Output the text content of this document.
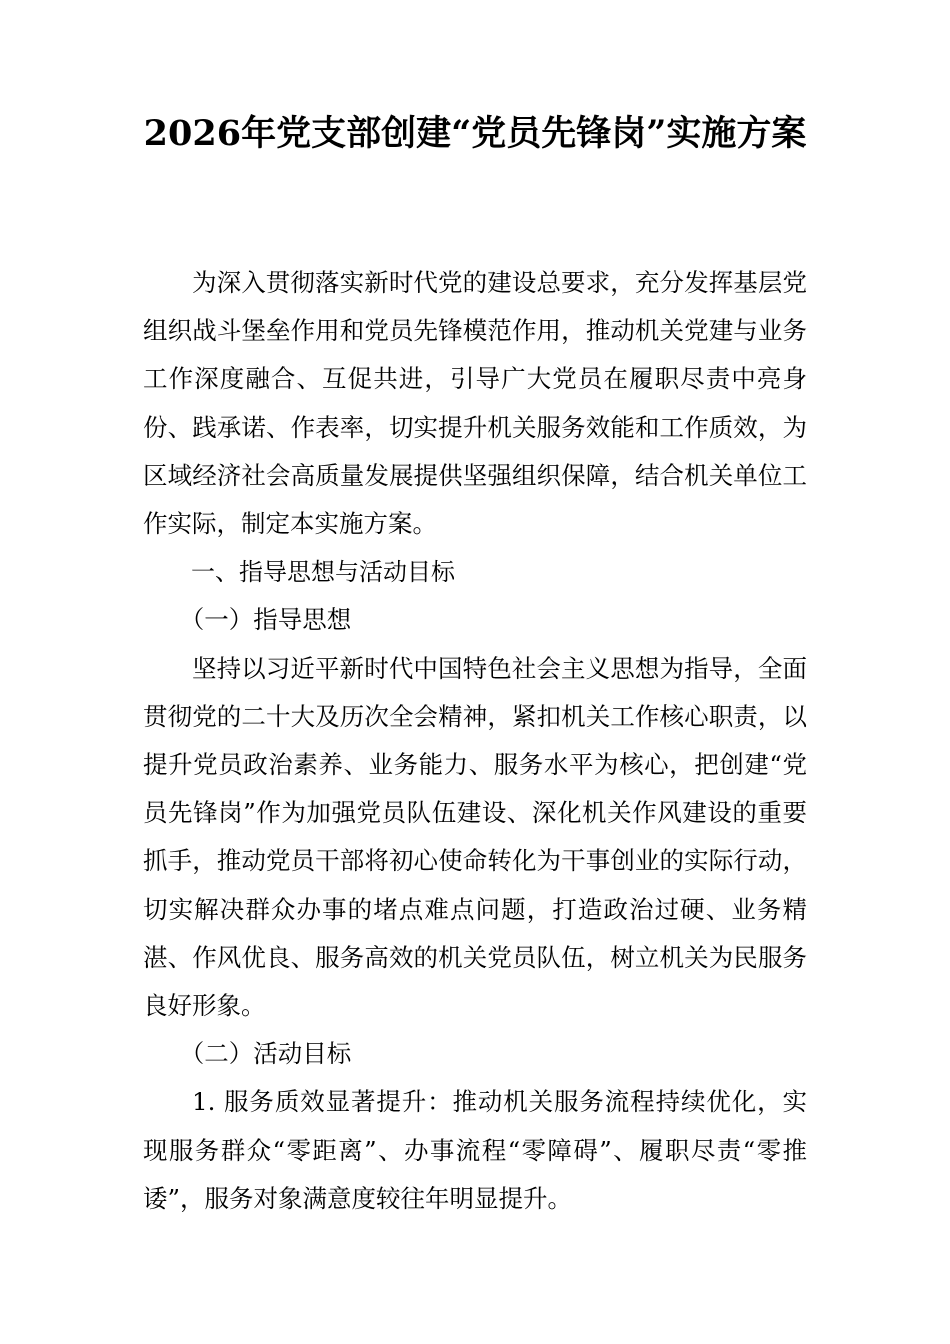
2026年党支部创建“党员先锋岗”实施方案

为深入贯彻落实新时代党的建设总要求，充分发挥基层党组织战斗堡垒作用和党员先锋模范作用，推动机关党建与业务工作深度融合、互促共进，引导广大党员在履职尽责中亮身份、践承诺、作表率，切实提升机关服务效能和工作质效，为区域经济社会高质量发展提供坚强组织保障，结合机关单位工作实际，制定本实施方案。

一、指导思想与活动目标

（一）指导思想

坚持以习近平新时代中国特色社会主义思想为指导，全面贯彻党的二十大及历次全会精神，紧扣机关工作核心职责，以提升党员政治素养、业务能力、服务水平为核心，把创建“党员先锋岗”作为加强党员队伍建设、深化机关作风建设的重要抓手，推动党员干部将初心使命转化为干事创业的实际行动，切实解决群众办事的堵点难点问题，打造政治过硬、业务精湛、作风优良、服务高效的机关党员队伍，树立机关为民服务良好形象。

（二）活动目标

1. 服务质效显著提升：推动机关服务流程持续优化，实现服务群众“零距离”、办事流程“零障碍”、履职尽责“零推诿”，服务对象满意度较往年明显提升。
